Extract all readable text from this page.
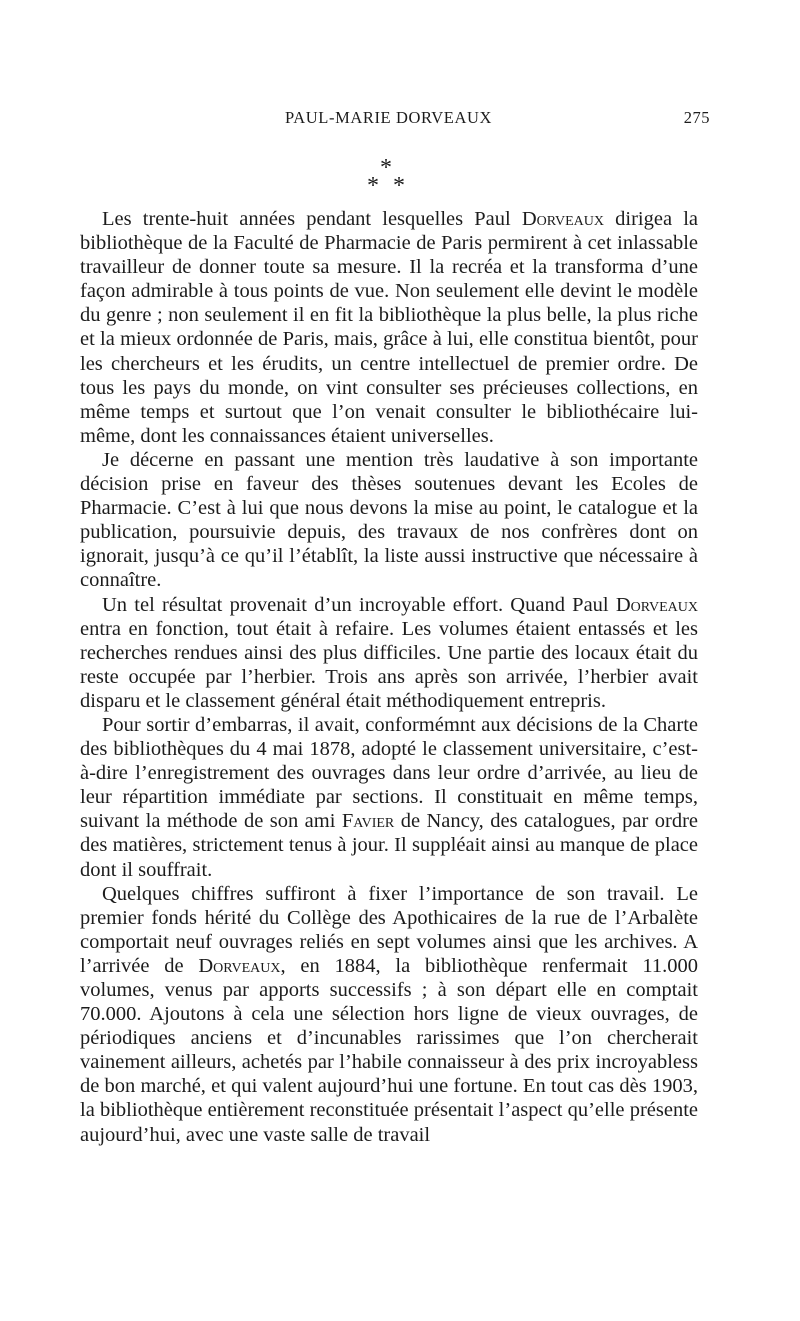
PAUL-MARIE DORVEAUX	275
*
* *

Les trente-huit années pendant lesquelles Paul Dorveaux dirigea la bibliothèque de la Faculté de Pharmacie de Paris permirent à cet inlassable travailleur de donner toute sa mesure. Il la recréa et la transforma d’une façon admirable à tous points de vue. Non seulement elle devint le modèle du genre ; non seulement il en fit la bibliothèque la plus belle, la plus riche et la mieux ordonnée de Paris, mais, grâce à lui, elle constitua bientôt, pour les chercheurs et les érudits, un centre intellectuel de premier ordre. De tous les pays du monde, on vint consulter ses précieuses collections, en même temps et surtout que l’on venait consulter le bibliothécaire lui-même, dont les connaissances étaient universelles.

Je décerne en passant une mention très laudative à son importante décision prise en faveur des thèses soutenues devant les Ecoles de Pharmacie. C’est à lui que nous devons la mise au point, le catalogue et la publication, poursuivie depuis, des travaux de nos confrères dont on ignorait, jusqu’à ce qu’il l’établît, la liste aussi instructive que nécessaire à connaître.

Un tel résultat provenait d’un incroyable effort. Quand Paul Dorveaux entra en fonction, tout était à refaire. Les volumes étaient entassés et les recherches rendues ainsi des plus difficiles. Une partie des locaux était du reste occupée par l’herbier. Trois ans après son arrivée, l’herbier avait disparu et le classement général était méthodiquement entrepris.

Pour sortir d’embarras, il avait, conformémnt aux décisions de la Charte des bibliothèques du 4 mai 1878, adopté le classement universitaire, c’est-à-dire l’enregistrement des ouvrages dans leur ordre d’arrivée, au lieu de leur répartition immédiate par sections. Il constituait en même temps, suivant la méthode de son ami Favier de Nancy, des catalogues, par ordre des matières, strictement tenus à jour. Il suppléait ainsi au manque de place dont il souffrait.

Quelques chiffres suffiront à fixer l’importance de son travail. Le premier fonds hérité du Collège des Apothicaires de la rue de l’Arbalète comportait neuf ouvrages reliés en sept volumes ainsi que les archives. A l’arrivée de Dorveaux, en 1884, la bibliothèque renfermait 11.000 volumes, venus par apports successifs ; à son départ elle en comptait 70.000. Ajoutons à cela une sélection hors ligne de vieux ouvrages, de périodiques anciens et d’incunables rarissimes que l’on chercherait vainement ailleurs, achetés par l’habile connaisseur à des prix incroyabless de bon marché, et qui valent aujourd’hui une fortune. En tout cas dès 1903, la bibliothèque entièrement reconstituée présentait l’aspect qu’elle présente aujourd’hui, avec une vaste salle de travail
